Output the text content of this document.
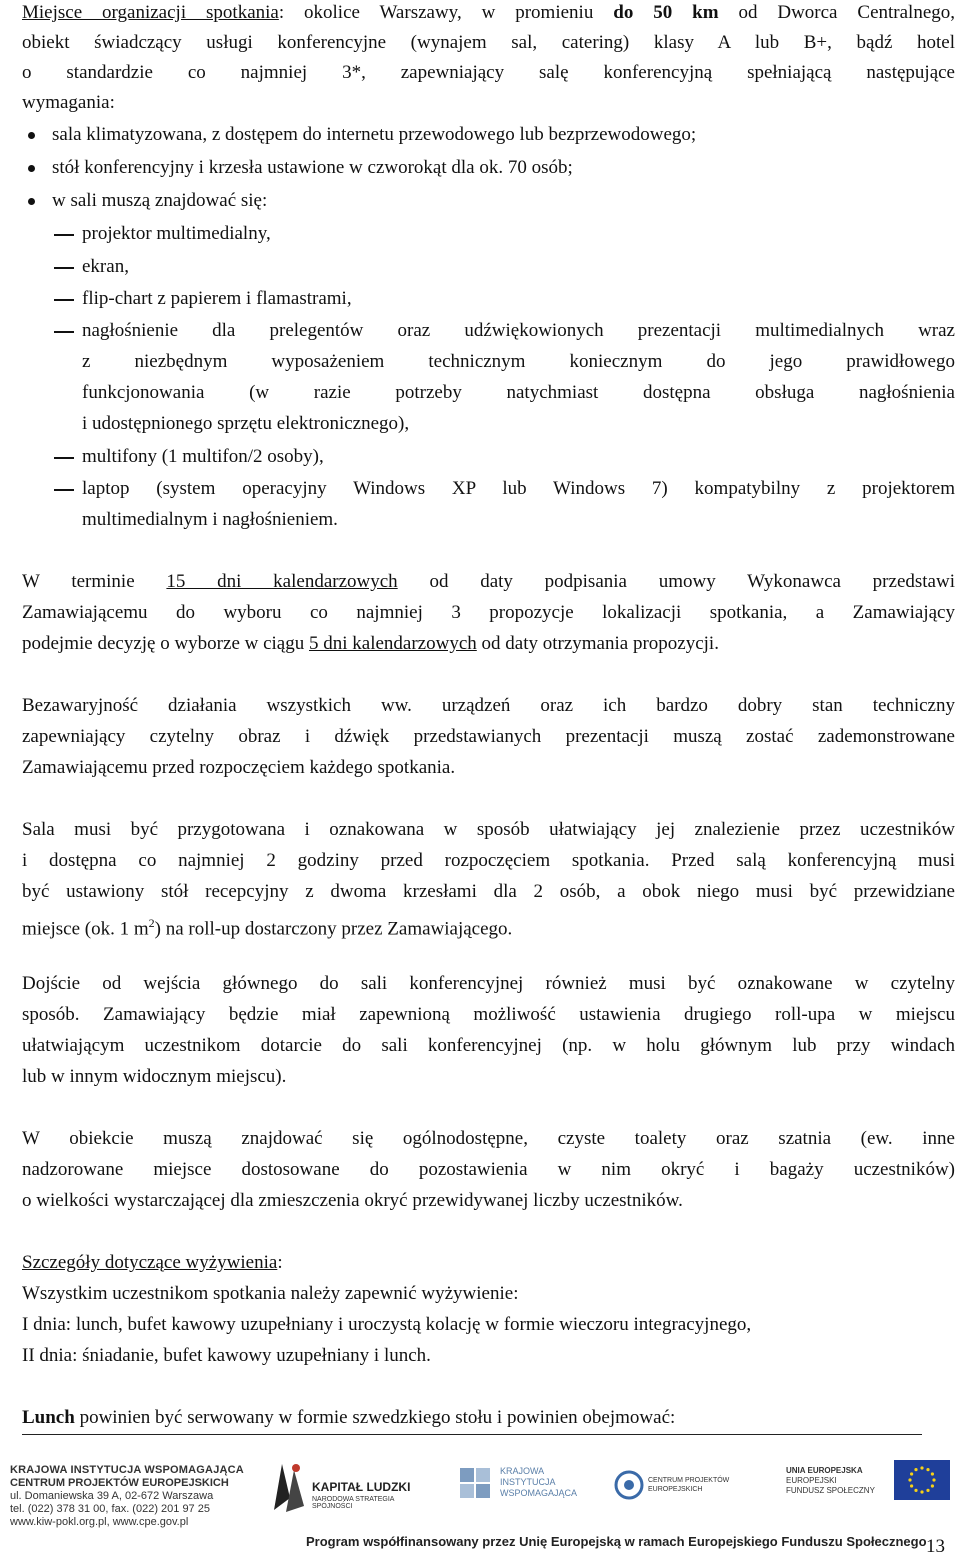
Miejsce organizacji spotkania: okolice Warszawy, w promieniu do 50 km od Dworca Centralnego,
obiekt świadczący usługi konferencyjne (wynajem sal, catering) klasy A lub B+, bądź hotel
o standardzie co najmniej 3*, zapewniający salę konferencyjną spełniającą następujące
wymagania:
sala klimatyzowana, z dostępem do internetu przewodowego lub bezprzewodowego;
stół konferencyjny i krzesła ustawione w czworokąt dla ok. 70 osób;
w sali muszą znajdować się:
projektor multimedialny,
ekran,
flip-chart z papierem i flamastrami,
nagłośnienie dla prelegentów oraz udźwiękowionych prezentacji multimedialnych wraz
z niezbędnym wyposażeniem technicznym koniecznym do jego prawidłowego
funkcjonowania (w razie potrzeby natychmiast dostępna obsługa nagłośnienia
i udostępnionego sprzętu elektronicznego),
multifony (1 multifon/2 osoby),
laptop (system operacyjny Windows XP lub Windows 7) kompatybilny z projektorem
multimedialnym i nagłośnieniem.
W terminie 15 dni kalendarzowych od daty podpisania umowy Wykonawca przedstawi
Zamawiającemu do wyboru co najmniej 3 propozycje lokalizacji spotkania, a Zamawiający
podejmie decyzję o wyborze w ciągu 5 dni kalendarzowych od daty otrzymania propozycji.
Bezawaryjność działania wszystkich ww. urządzeń oraz ich bardzo dobry stan techniczny
zapewniający czytelny obraz i dźwięk przedstawianych prezentacji muszą zostać zademonstrowane
Zamawiającemu przed rozpoczęciem każdego spotkania.
Sala musi być przygotowana i oznakowana w sposób ułatwiający jej znalezienie przez uczestników
i dostępna co najmniej 2 godziny przed rozpoczęciem spotkania. Przed salą konferencyjną musi
być ustawiony stół recepcyjny z dwoma krzesłami dla 2 osób, a obok niego musi być przewidziane
miejsce (ok. 1 $m^2$) na roll-up dostarczony przez Zamawiającego.
Dojście od wejścia głównego do sali konferencyjnej również musi być oznakowane w czytelny
sposób. Zamawiający będzie miał zapewnioną możliwość ustawienia drugiego roll-upa w miejscu
ułatwiającym uczestnikom dotarcie do sali konferencyjnej (np. w holu głównym lub przy windach
lub w innym widocznym miejscu).
W obiekcie muszą znajdować się ogólnodostępne, czyste toalety oraz szatnia (ew. inne
nadzorowane miejsce dostosowane do pozostawienia w nim okryć i bagaży uczestników)
o wielkości wystarczającej dla zmieszczenia okryć przewidywanej liczby uczestników.
Szczegóły dotyczące wyżywienia:
Wszystkim uczestnikom spotkania należy zapewnić wyżywienie:
I dnia: lunch, bufet kawowy uzupełniany i uroczystą kolację w formie wieczoru integracyjnego,
II dnia: śniadanie, bufet kawowy uzupełniany i lunch.
Lunch powinien być serwowany w formie szwedzkiego stołu i powinien obejmować:
KRAJOWA INSTYTUCJA WSPOMAGAJĄCA
CENTRUM PROJEKTÓW EUROPEJSKICH
ul. Domaniewska 39 A, 02-672 Warszawa
tel. (022) 378 31 00, fax. (022) 201 97 25
www.kiw-pokl.org.pl, www.cpe.gov.pl
KAPITAŁ LUDZKI
NARODOWA STRATEGIA SPÓJNOŚCI
KRAJOWA
INSTYTUCJA
WSPOMAGAJĄCA
CENTRUM PROJEKTÓW
EUROPEJSKICH
UNIA EUROPEJSKA
EUROPEJSKI
FUNDUSZ SPOŁECZNY
Program współfinansowany przez Unię Europejską w ramach Europejskiego Funduszu Społecznego 13
